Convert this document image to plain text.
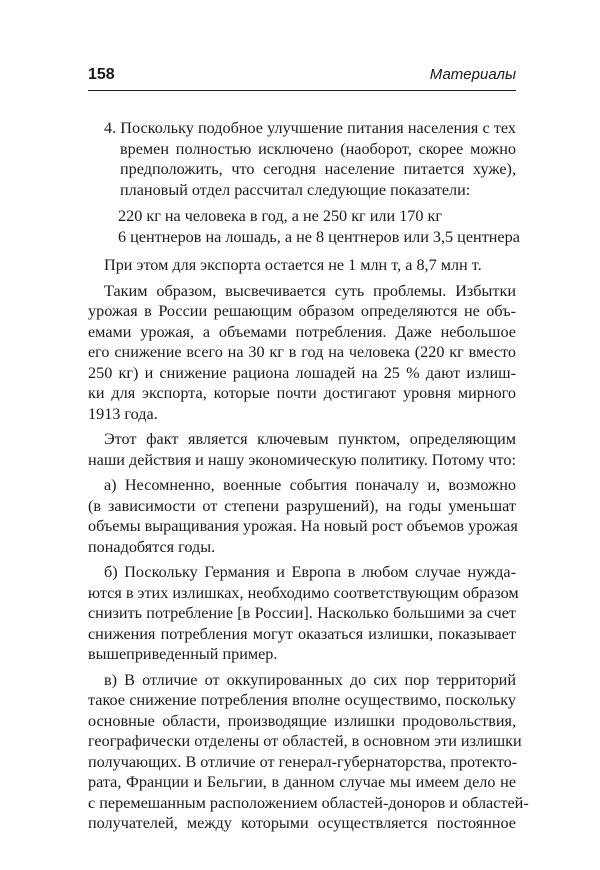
158	Материалы
4. Поскольку подобное улучшение питания населения с тех
времен полностью исключено (наоборот, скорее можно
предположить, что сегодня население питается хуже),
плановый отдел рассчитал следующие показатели:
220 кг на человека в год, а не 250 кг или 170 кг
6 центнеров на лошадь, а не 8 центнеров или 3,5 центнера
При этом для экспорта остается не 1 млн т, а 8,7 млн т.
Таким образом, высвечивается суть проблемы. Избытки
урожая в России решающим образом определяются не объ-
емами урожая, а объемами потребления. Даже небольшое
его снижение всего на 30 кг в год на человека (220 кг вместо
250 кг) и снижение рациона лошадей на 25 % дают излиш-
ки для экспорта, которые почти достигают уровня мирного
1913 года.
Этот факт является ключевым пунктом, определяющим
наши действия и нашу экономическую политику. Потому что:
а) Несомненно, военные события поначалу и, возможно
(в зависимости от степени разрушений), на годы уменьшат
объемы выращивания урожая. На новый рост объемов урожая
понадобятся годы.
б) Поскольку Германия и Европа в любом случае нужда-
ются в этих излишках, необходимо соответствующим образом
снизить потребление [в России]. Насколько большими за счет
снижения потребления могут оказаться излишки, показывает
вышеприведенный пример.
в) В отличие от оккупированных до сих пор территорий
такое снижение потребления вполне осуществимо, поскольку
основные области, производящие излишки продовольствия,
географически отделены от областей, в основном эти излишки
получающих. В отличие от генерал-губернаторства, протекто-
рата, Франции и Бельгии, в данном случае мы имеем дело не
с перемешанным расположением областей-доноров и областей-
получателей, между которыми осуществляется постоянное
